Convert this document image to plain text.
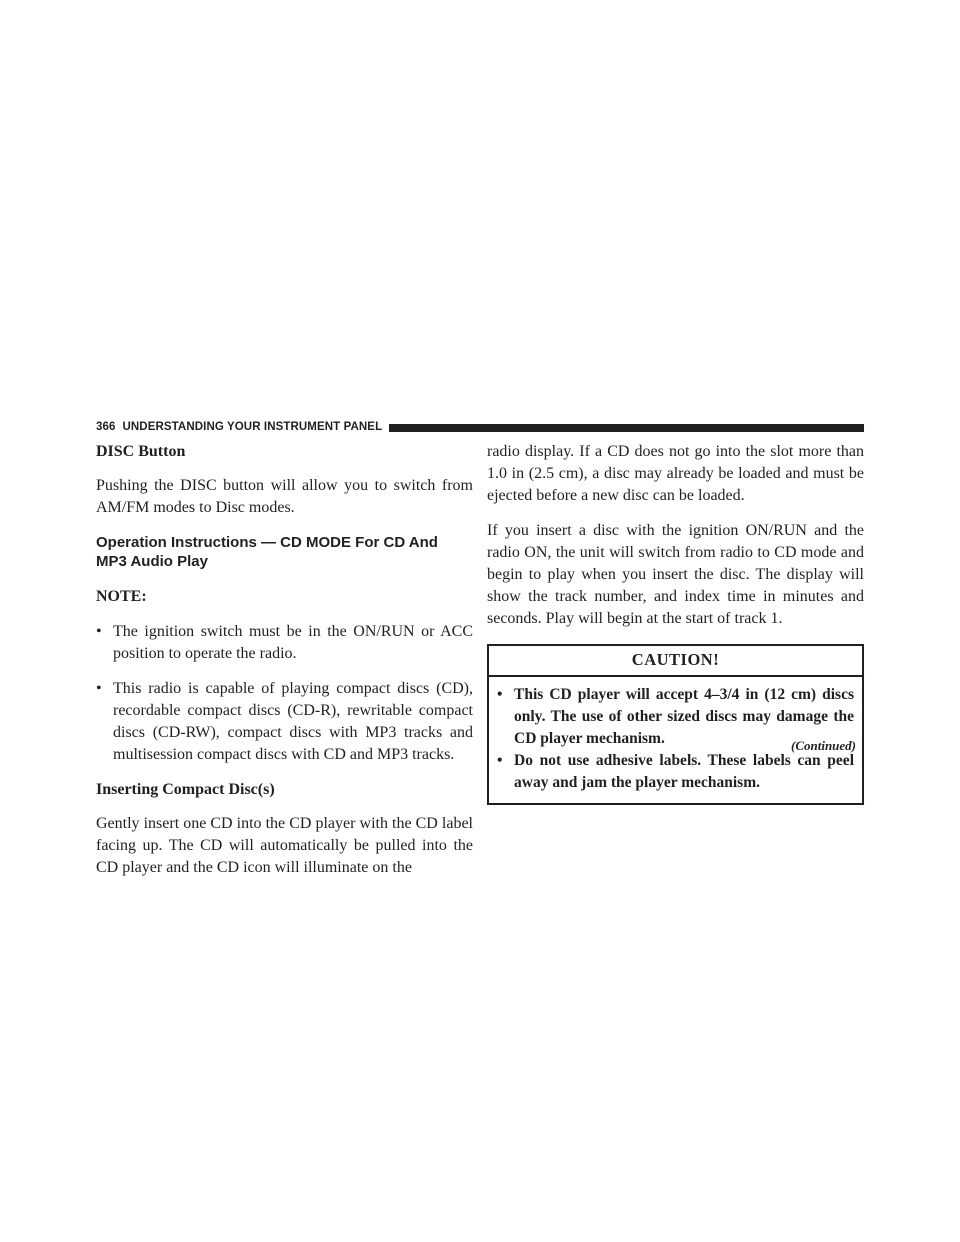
366 UNDERSTANDING YOUR INSTRUMENT PANEL
DISC Button

Pushing the DISC button will allow you to switch from AM/FM modes to Disc modes.

Operation Instructions — CD MODE For CD And
MP3 Audio Play
NOTE:
• The ignition switch must be in the ON/RUN or ACC position to operate the radio.
• This radio is capable of playing compact discs (CD), recordable compact discs (CD-R), rewritable compact discs (CD-RW), compact discs with MP3 tracks and multisession compact discs with CD and MP3 tracks.
Inserting Compact Disc(s)

Gently insert one CD into the CD player with the CD label facing up. The CD will automatically be pulled into the CD player and the CD icon will illuminate on the

radio display. If a CD does not go into the slot more than 1.0 in (2.5 cm), a disc may already be loaded and must be ejected before a new disc can be loaded.

If you insert a disc with the ignition ON/RUN and the radio ON, the unit will switch from radio to CD mode and begin to play when you insert the disc. The display will show the track number, and index time in minutes and seconds. Play will begin at the start of track 1.

CAUTION!
• This CD player will accept 4–3/4 in (12 cm) discs only. The use of other sized discs may damage the CD player mechanism.
• Do not use adhesive labels. These labels can peel away and jam the player mechanism.
(Continued)
